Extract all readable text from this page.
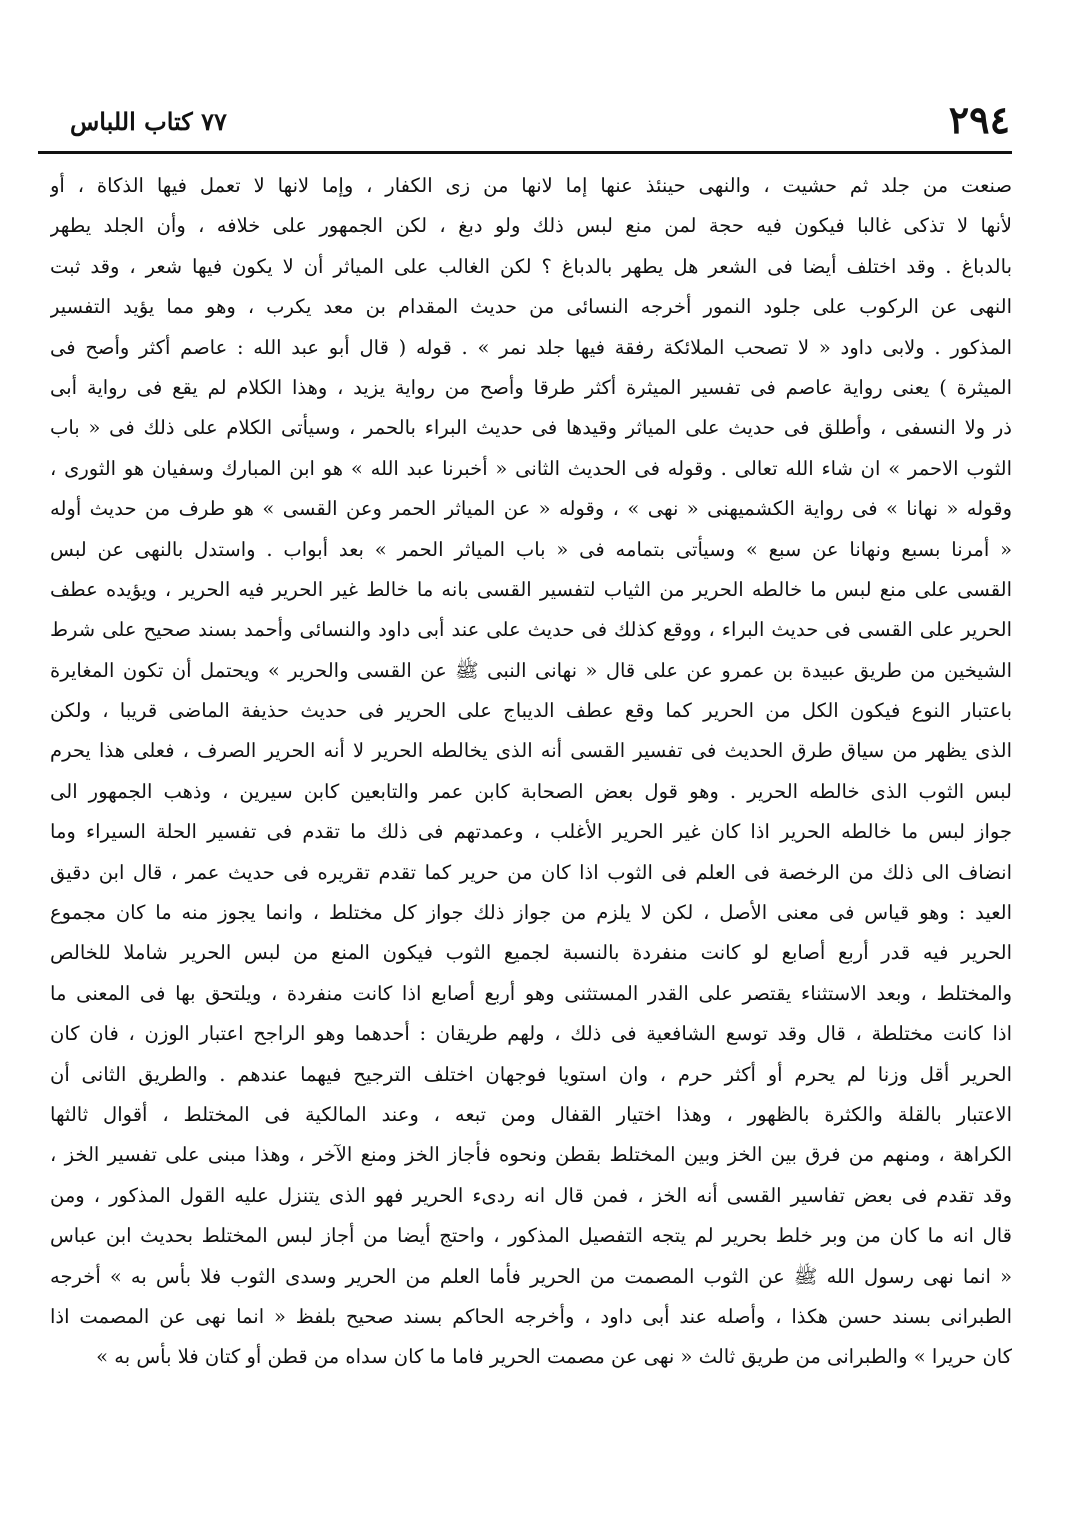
٧٧ كتاب اللباس	٢٩٤
صنعت من جلد ثم حشيت ، والنهى حينئذ عنها إما لانها من زى الكفار ، وإما لانها لا تعمل فيها الذكاة ، أو
لأنها لا تذكى غالبا فيكون فيه حجة لمن منع لبس ذلك ولو دبغ ، لكن الجمهور على خلافه ، وأن الجلد يطهر
بالدباغ . وقد اختلف أيضا فى الشعر هل يطهر بالدباغ ؟ لكن الغالب على المياثر أن لا يكون فيها شعر ، وقد ثبت
النهى عن الركوب على جلود النمور أخرجه النسائى من حديث المقدام بن معد يكرب ، وهو مما يؤيد التفسير
المذكور . ولابى داود « لا تصحب الملائكة رفقة فيها جلد نمر » . قوله ( قال أبو عبد الله : عاصم أكثر وأصح فى
الميثرة ) يعنى رواية عاصم فى تفسير الميثرة أكثر طرقا وأصح من رواية يزيد ، وهذا الكلام لم يقع فى رواية أبى
ذر ولا النسفى ، وأطلق فى حديث على المياثر وقيدها فى حديث البراء بالحمر ، وسيأتى الكلام على ذلك فى « باب
الثوب الاحمر » ان شاء الله تعالى . وقوله فى الحديث الثانى « أخبرنا عبد الله » هو ابن المبارك وسفيان هو الثورى ،
وقوله « نهانا » فى رواية الكشميهنى « نهى » ، وقوله « عن المياثر الحمر وعن القسى » هو طرف من حديث أوله
« أمرنا بسبع ونهانا عن سبع » وسيأتى بتمامه فى « باب المياثر الحمر » بعد أبواب . واستدل بالنهى عن لبس
القسى على منع لبس ما خالطه الحرير من الثياب لتفسير القسى بانه ما خالط غير الحرير فيه الحرير ، ويؤيده عطف
الحرير على القسى فى حديث البراء ، ووقع كذلك فى حديث على عند أبى داود والنسائى وأحمد بسند صحيح على شرط
الشيخين من طريق عبيدة بن عمرو عن على قال « نهانى النبى ﷺ عن القسى والحرير » ويحتمل أن تكون المغايرة
باعتبار النوع فيكون الكل من الحرير كما وقع عطف الديباج على الحرير فى حديث حذيفة الماضى قريبا ، ولكن
الذى يظهر من سياق طرق الحديث فى تفسير القسى أنه الذى يخالطه الحرير لا أنه الحرير الصرف ، فعلى هذا يحرم
لبس الثوب الذى خالطه الحرير . وهو قول بعض الصحابة كابن عمر والتابعين كابن سيرين ، وذهب الجمهور الى
جواز لبس ما خالطه الحرير اذا كان غير الحرير الأغلب ، وعمدتهم فى ذلك ما تقدم فى تفسير الحلة السيراء وما
انضاف الى ذلك من الرخصة فى العلم فى الثوب اذا كان من حرير كما تقدم تقريره فى حديث عمر ، قال ابن دقيق
العيد : وهو قياس فى معنى الأصل ، لكن لا يلزم من جواز ذلك جواز كل مختلط ، وانما يجوز منه ما كان مجموع
الحرير فيه قدر أربع أصابع لو كانت منفردة بالنسبة لجميع الثوب فيكون المنع من لبس الحرير شاملا للخالص
والمختلط ، وبعد الاستثناء يقتصر على القدر المستثنى وهو أربع أصابع اذا كانت منفردة ، ويلتحق بها فى المعنى ما
اذا كانت مختلطة ، قال وقد توسع الشافعية فى ذلك ، ولهم طريقان : أحدهما وهو الراجح اعتبار الوزن ، فان كان
الحرير أقل وزنا لم يحرم أو أكثر حرم ، وان استويا فوجهان اختلف الترجيح فيهما عندهم . والطريق الثانى أن
الاعتبار بالقلة والكثرة بالظهور ، وهذا اختيار القفال ومن تبعه ، وعند المالكية فى المختلط ، أقوال ثالثها
الكراهة ، ومنهم من فرق بين الخز وبين المختلط بقطن ونحوه فأجاز الخز ومنع الآخر ، وهذا مبنى على تفسير الخز ،
وقد تقدم فى بعض تفاسير القسى أنه الخز ، فمن قال انه ردىء الحرير فهو الذى يتنزل عليه القول المذكور ، ومن
قال انه ما كان من وبر خلط بحرير لم يتجه التفصيل المذكور ، واحتج أيضا من أجاز لبس المختلط بحديث ابن عباس
« انما نهى رسول الله ﷺ عن الثوب المصمت من الحرير فأما العلم من الحرير وسدى الثوب فلا بأس به » أخرجه
الطبرانى بسند حسن هكذا ، وأصله عند أبى داود ، وأخرجه الحاكم بسند صحيح بلفظ « انما نهى عن المصمت اذا
كان حريرا » والطبرانى من طريق ثالث « نهى عن مصمت الحرير فاما ما كان سداه من قطن أو كتان فلا بأس به »
